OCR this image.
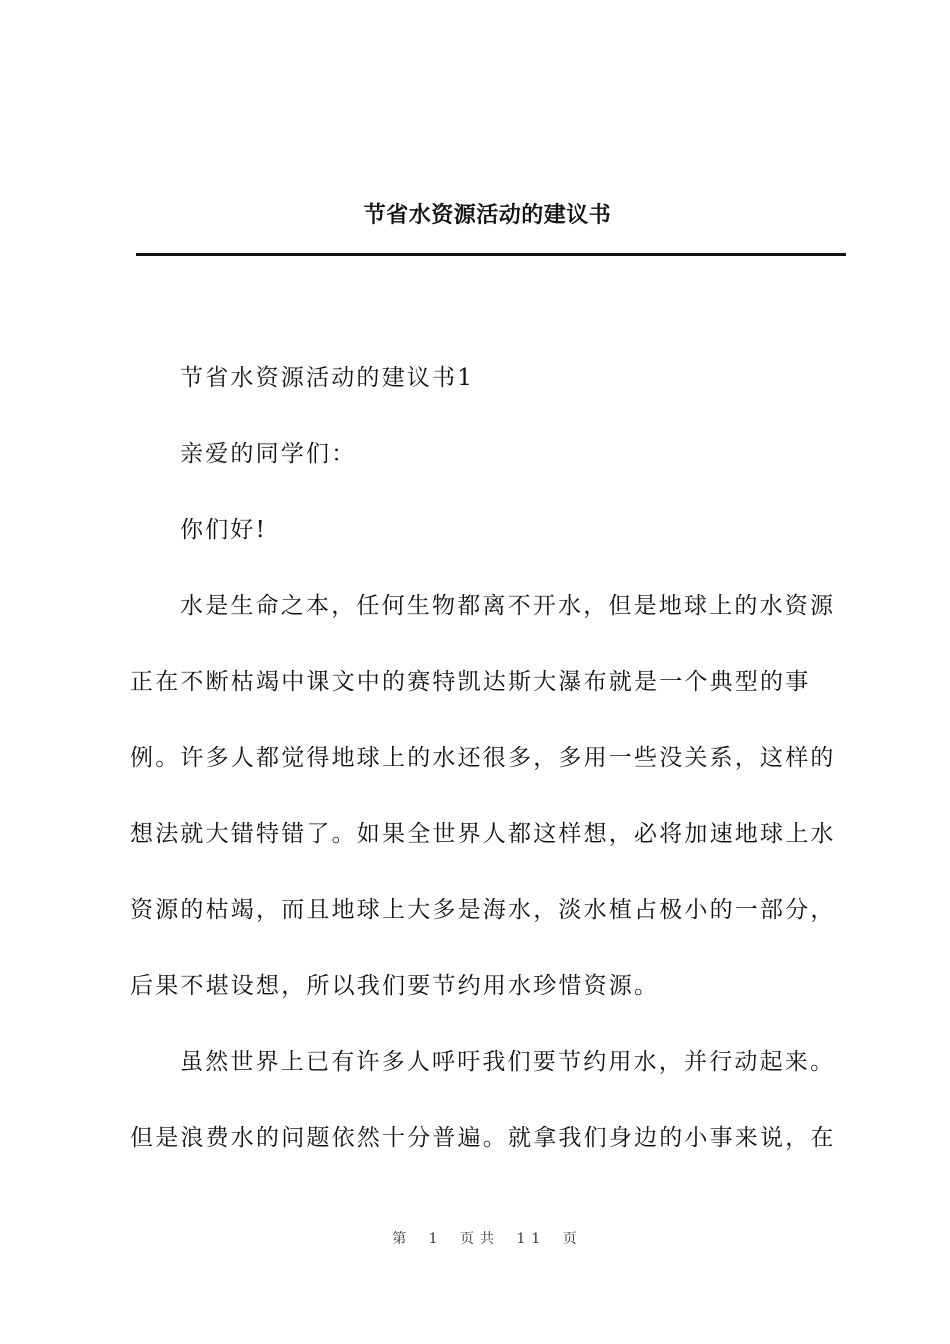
节省水资源活动的建议书

节省水资源活动的建议书1

亲爱的同学们：

你们好!

水是生命之本，任何生物都离不开水，但是地球上的水资源正在不断枯竭中课文中的赛特凯达斯大瀑布就是一个典型的事例。许多人都觉得地球上的水还很多，多用一些没关系，这样的想法就大错特错了。如果全世界人都这样想，必将加速地球上水资源的枯竭，而且地球上大多是海水，淡水植占极小的一部分，后果不堪设想，所以我们要节约用水珍惜资源。

虽然世界上已有许多人呼吁我们要节约用水，并行动起来。但是浪费水的问题依然十分普遍。就拿我们身边的小事来说，在

第 1 页共 11 页
